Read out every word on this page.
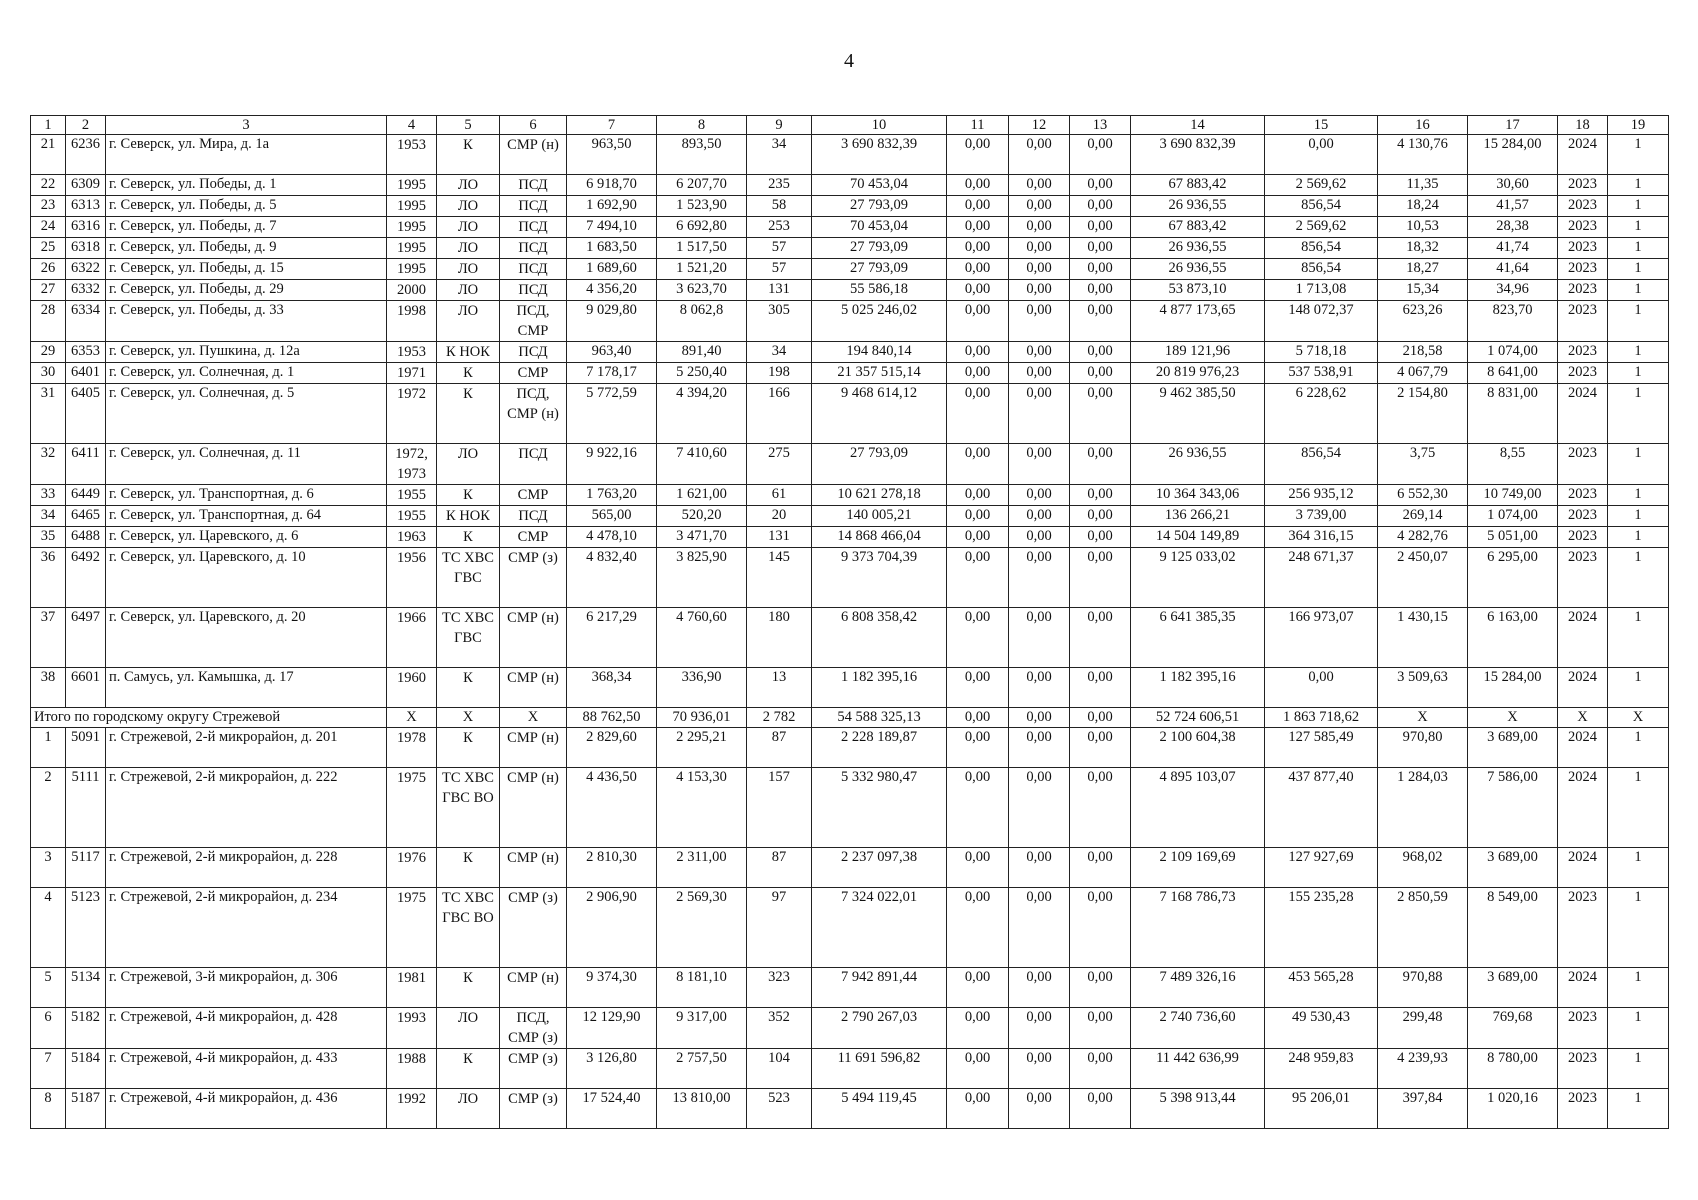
4
1	2	3	4	5	6	7	8	9	10	11	12	13	14	15	16	17	18	19
21	6236	г. Северск, ул. Мира, д. 1а	1953	К	СМР (н)	963,50	893,50	34	3 690 832,39	0,00	0,00	0,00	3 690 832,39	0,00	4 130,76	15 284,00	2024	1
22	6309	г. Северск, ул. Победы, д. 1	1995	ЛО	ПСД	6 918,70	6 207,70	235	70 453,04	0,00	0,00	0,00	67 883,42	2 569,62	11,35	30,60	2023	1
23	6313	г. Северск, ул. Победы, д. 5	1995	ЛО	ПСД	1 692,90	1 523,90	58	27 793,09	0,00	0,00	0,00	26 936,55	856,54	18,24	41,57	2023	1
24	6316	г. Северск, ул. Победы, д. 7	1995	ЛО	ПСД	7 494,10	6 692,80	253	70 453,04	0,00	0,00	0,00	67 883,42	2 569,62	10,53	28,38	2023	1
25	6318	г. Северск, ул. Победы, д. 9	1995	ЛО	ПСД	1 683,50	1 517,50	57	27 793,09	0,00	0,00	0,00	26 936,55	856,54	18,32	41,74	2023	1
26	6322	г. Северск, ул. Победы, д. 15	1995	ЛО	ПСД	1 689,60	1 521,20	57	27 793,09	0,00	0,00	0,00	26 936,55	856,54	18,27	41,64	2023	1
27	6332	г. Северск, ул. Победы, д. 29	2000	ЛО	ПСД	4 356,20	3 623,70	131	55 586,18	0,00	0,00	0,00	53 873,10	1 713,08	15,34	34,96	2023	1
28	6334	г. Северск, ул. Победы, д. 33	1998	ЛО	ПСД, СМР	9 029,80	8 062,8	305	5 025 246,02	0,00	0,00	0,00	4 877 173,65	148 072,37	623,26	823,70	2023	1
29	6353	г. Северск, ул. Пушкина, д. 12а	1953	К НОК	ПСД	963,40	891,40	34	194 840,14	0,00	0,00	0,00	189 121,96	5 718,18	218,58	1 074,00	2023	1
30	6401	г. Северск, ул. Солнечная, д. 1	1971	К	СМР	7 178,17	5 250,40	198	21 357 515,14	0,00	0,00	0,00	20 819 976,23	537 538,91	4 067,79	8 641,00	2023	1
31	6405	г. Северск, ул. Солнечная, д. 5	1972	К	ПСД, СМР (н)	5 772,59	4 394,20	166	9 468 614,12	0,00	0,00	0,00	9 462 385,50	6 228,62	2 154,80	8 831,00	2024	1
32	6411	г. Северск, ул. Солнечная, д. 11	1972, 1973	ЛО	ПСД	9 922,16	7 410,60	275	27 793,09	0,00	0,00	0,00	26 936,55	856,54	3,75	8,55	2023	1
33	6449	г. Северск, ул. Транспортная, д. 6	1955	К	СМР	1 763,20	1 621,00	61	10 621 278,18	0,00	0,00	0,00	10 364 343,06	256 935,12	6 552,30	10 749,00	2023	1
34	6465	г. Северск, ул. Транспортная, д. 64	1955	К НОК	ПСД	565,00	520,20	20	140 005,21	0,00	0,00	0,00	136 266,21	3 739,00	269,14	1 074,00	2023	1
35	6488	г. Северск, ул. Царевского, д. 6	1963	К	СМР	4 478,10	3 471,70	131	14 868 466,04	0,00	0,00	0,00	14 504 149,89	364 316,15	4 282,76	5 051,00	2023	1
36	6492	г. Северск, ул. Царевского, д. 10	1956	ТС ХВС ГВС	СМР (з)	4 832,40	3 825,90	145	9 373 704,39	0,00	0,00	0,00	9 125 033,02	248 671,37	2 450,07	6 295,00	2023	1
37	6497	г. Северск, ул. Царевского, д. 20	1966	ТС ХВС ГВС	СМР (н)	6 217,29	4 760,60	180	6 808 358,42	0,00	0,00	0,00	6 641 385,35	166 973,07	1 430,15	6 163,00	2024	1
38	6601	п. Самусь, ул. Камышка, д. 17	1960	К	СМР (н)	368,34	336,90	13	1 182 395,16	0,00	0,00	0,00	1 182 395,16	0,00	3 509,63	15 284,00	2024	1
Итого по городскому округу Стрежевой			X	X	X	88 762,50	70 936,01	2 782	54 588 325,13	0,00	0,00	0,00	52 724 606,51	1 863 718,62	X	X	X	X
1	5091	г. Стрежевой, 2-й микрорайон, д. 201	1978	К	СМР (н)	2 829,60	2 295,21	87	2 228 189,87	0,00	0,00	0,00	2 100 604,38	127 585,49	970,80	3 689,00	2024	1
2	5111	г. Стрежевой, 2-й микрорайон, д. 222	1975	ТС ХВС ГВС ВО	СМР (н)	4 436,50	4 153,30	157	5 332 980,47	0,00	0,00	0,00	4 895 103,07	437 877,40	1 284,03	7 586,00	2024	1
3	5117	г. Стрежевой, 2-й микрорайон, д. 228	1976	К	СМР (н)	2 810,30	2 311,00	87	2 237 097,38	0,00	0,00	0,00	2 109 169,69	127 927,69	968,02	3 689,00	2024	1
4	5123	г. Стрежевой, 2-й микрорайон, д. 234	1975	ТС ХВС ГВС ВО	СМР (з)	2 906,90	2 569,30	97	7 324 022,01	0,00	0,00	0,00	7 168 786,73	155 235,28	2 850,59	8 549,00	2023	1
5	5134	г. Стрежевой, 3-й микрорайон, д. 306	1981	К	СМР (н)	9 374,30	8 181,10	323	7 942 891,44	0,00	0,00	0,00	7 489 326,16	453 565,28	970,88	3 689,00	2024	1
6	5182	г. Стрежевой, 4-й микрорайон, д. 428	1993	ЛО	ПСД, СМР (з)	12 129,90	9 317,00	352	2 790 267,03	0,00	0,00	0,00	2 740 736,60	49 530,43	299,48	769,68	2023	1
7	5184	г. Стрежевой, 4-й микрорайон, д. 433	1988	К	СМР (з)	3 126,80	2 757,50	104	11 691 596,82	0,00	0,00	0,00	11 442 636,99	248 959,83	4 239,93	8 780,00	2023	1
8	5187	г. Стрежевой, 4-й микрорайон, д. 436	1992	ЛО	СМР (з)	17 524,40	13 810,00	523	5 494 119,45	0,00	0,00	0,00	5 398 913,44	95 206,01	397,84	1 020,16	2023	1
